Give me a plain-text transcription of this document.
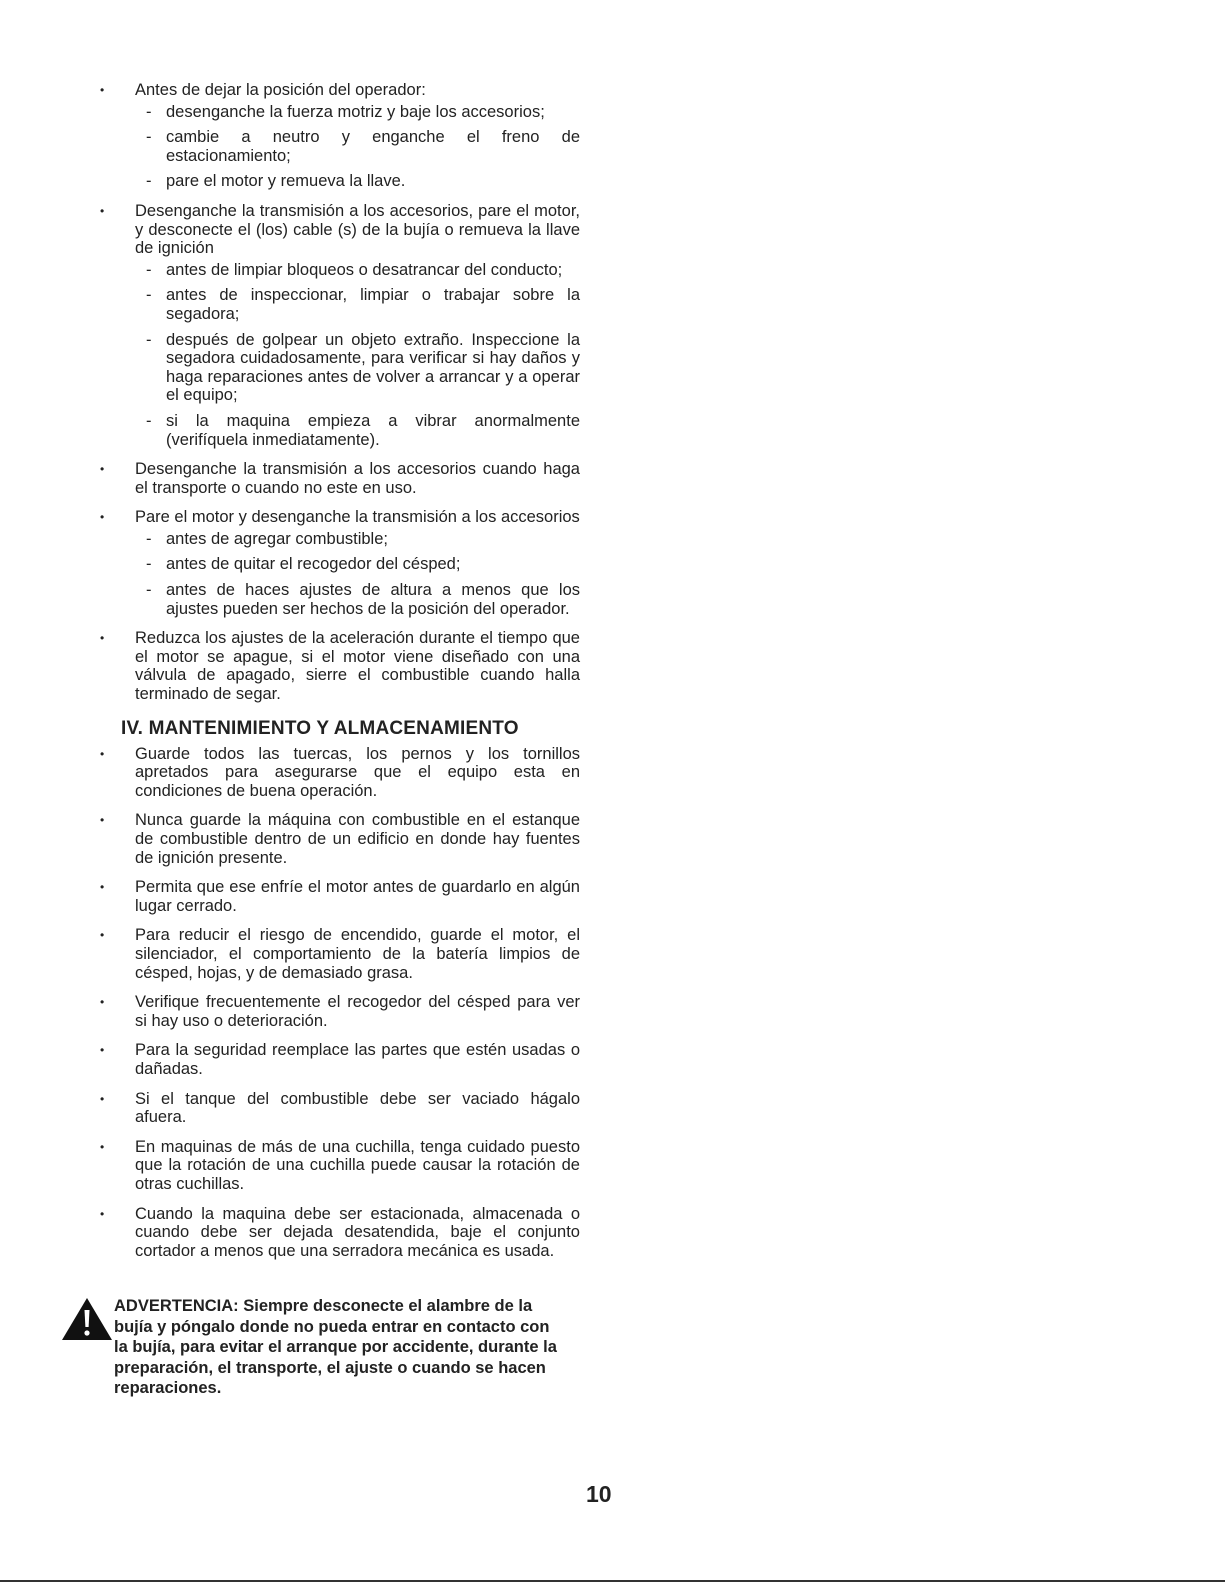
• Antes de dejar la posición del operador:
- desenganche la fuerza motriz y baje los accesorios;
- cambie a neutro y enganche el freno de estacionamiento;
- pare el motor y remueva la llave.
• Desenganche la transmisión a los accesorios, pare el motor, y desconecte el (los) cable (s) de la bujía o remueva la llave de ignición
- antes de limpiar bloqueos o desatrancar del conducto;
- antes de inspeccionar, limpiar o trabajar sobre la segadora;
- después de golpear un objeto extraño. Inspeccione la segadora cuidadosamente, para verificar si hay daños y haga reparaciones antes de volver a arrancar y a operar el equipo;
- si la maquina empieza a vibrar anormalmente (verifíquela inmediatamente).
• Desenganche la transmisión a los accesorios cuando haga el transporte o cuando no este en uso.
• Pare el motor y desenganche la transmisión a los accesorios
- antes de agregar combustible;
- antes de quitar el recogedor del césped;
- antes de haces ajustes de altura a menos que los ajustes pueden ser hechos de la posición del operador.
• Reduzca los ajustes de la aceleración durante el tiempo que el motor se apague, si el motor viene diseñado con una válvula de apagado, sierre el combustible cuando halla terminado de segar.
IV. MANTENIMIENTO Y ALMACENAMIENTO
• Guarde todos las tuercas, los pernos y los tornillos apretados para asegurarse que el equipo esta en condiciones de buena operación.
• Nunca guarde la máquina con combustible en el estanque de combustible dentro de un edificio en donde hay fuentes de ignición presente.
• Permita que ese enfríe el motor antes de guardarlo en algún lugar cerrado.
• Para reducir el riesgo de encendido, guarde el motor, el silenciador, el comportamiento de la batería limpios de césped, hojas, y de demasiado grasa.
• Verifique frecuentemente el recogedor del césped para ver si hay uso o deterioración.
• Para la seguridad reemplace las partes que estén usadas o dañadas.
• Si el tanque del combustible debe ser vaciado hágalo afuera.
• En maquinas de más de una cuchilla, tenga cuidado puesto que la rotación de una cuchilla puede causar la rotación de otras cuchillas.
• Cuando la maquina debe ser estacionada, almacenada o cuando debe ser dejada desatendida, baje el conjunto cortador a menos que una serradora mecánica es usada.

ADVERTENCIA: Siempre desconecte el alambre de la bujía y póngalo donde no pueda entrar en contacto con la bujía, para evitar el arranque por accidente, durante la preparación, el transporte, el ajuste o cuando se hacen reparaciones.

10
